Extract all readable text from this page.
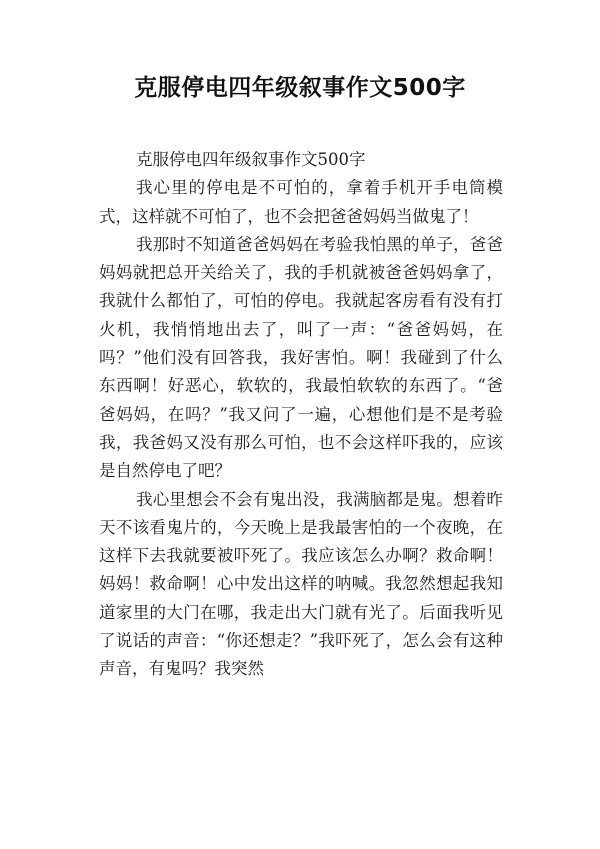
克服停电四年级叙事作文500字

克服停电四年级叙事作文500字

我心里的停电是不可怕的，拿着手机开手电筒模式，这样就不可怕了，也不会把爸爸妈妈当做鬼了！

我那时不知道爸爸妈妈在考验我怕黑的单子，爸爸妈妈就把总开关给关了，我的手机就被爸爸妈妈拿了，我就什么都怕了，可怕的停电。我就起客房看有没有打火机，我悄悄地出去了，叫了一声：“爸爸妈妈，在吗？”他们没有回答我，我好害怕。啊！我碰到了什么东西啊！好恶心，软软的，我最怕软软的东西了。“爸爸妈妈，在吗？”我又问了一遍，心想他们是不是考验我，我爸妈又没有那么可怕，也不会这样吓我的，应该是自然停电了吧？

我心里想会不会有鬼出没，我满脑都是鬼。想着昨天不该看鬼片的，今天晚上是我最害怕的一个夜晚，在这样下去我就要被吓死了。我应该怎么办啊？救命啊！妈妈！救命啊！心中发出这样的呐喊。我忽然想起我知道家里的大门在哪，我走出大门就有光了。后面我听见了说话的声音：“你还想走？”我吓死了，怎么会有这种声音，有鬼吗？我突然
